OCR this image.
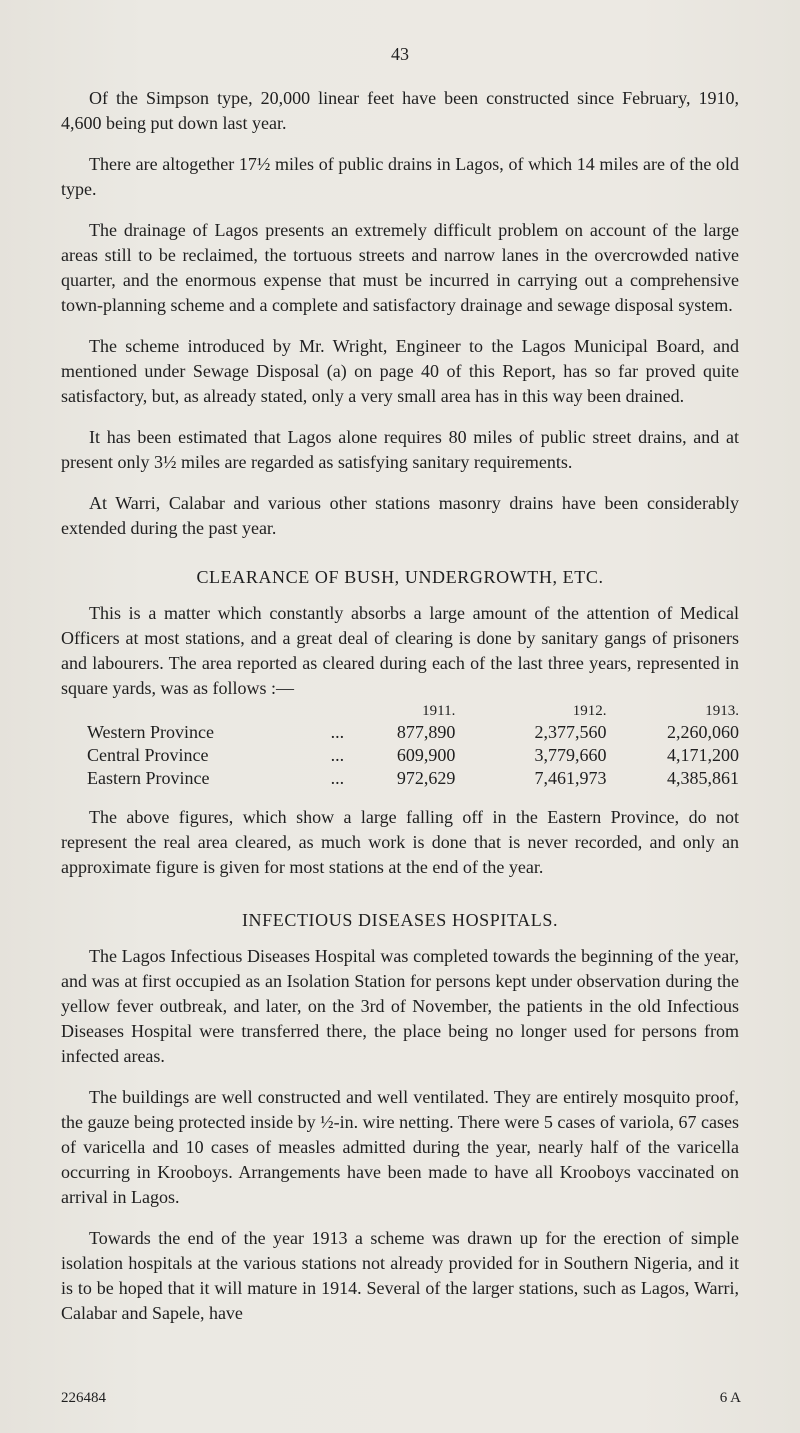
43

Of the Simpson type, 20,000 linear feet have been constructed since February, 1910, 4,600 being put down last year.

There are altogether 17½ miles of public drains in Lagos, of which 14 miles are of the old type.

The drainage of Lagos presents an extremely difficult problem on account of the large areas still to be reclaimed, the tortuous streets and narrow lanes in the overcrowded native quarter, and the enormous expense that must be incurred in carrying out a comprehensive town-planning scheme and a complete and satisfactory drainage and sewage disposal system.

The scheme introduced by Mr. Wright, Engineer to the Lagos Municipal Board, and mentioned under Sewage Disposal (a) on page 40 of this Report, has so far proved quite satisfactory, but, as already stated, only a very small area has in this way been drained.

It has been estimated that Lagos alone requires 80 miles of public street drains, and at present only 3½ miles are regarded as satisfying sanitary requirements.

At Warri, Calabar and various other stations masonry drains have been considerably extended during the past year.

CLEARANCE OF BUSH, UNDERGROWTH, ETC.

This is a matter which constantly absorbs a large amount of the attention of Medical Officers at most stations, and a great deal of clearing is done by sanitary gangs of prisoners and labourers. The area reported as cleared during each of the last three years, represented in square yards, was as follows :—

		1911.	1912.	1913.
Western Province	...	877,890	2,377,560	2,260,060
Central Province	...	609,900	3,779,660	4,171,200
Eastern Province	...	972,629	7,461,973	4,385,861

The above figures, which show a large falling off in the Eastern Province, do not represent the real area cleared, as much work is done that is never recorded, and only an approximate figure is given for most stations at the end of the year.

INFECTIOUS DISEASES HOSPITALS.

The Lagos Infectious Diseases Hospital was completed towards the beginning of the year, and was at first occupied as an Isolation Station for persons kept under observation during the yellow fever outbreak, and later, on the 3rd of November, the patients in the old Infectious Diseases Hospital were transferred there, the place being no longer used for persons from infected areas.

The buildings are well constructed and well ventilated. They are entirely mosquito proof, the gauze being protected inside by ½-in. wire netting. There were 5 cases of variola, 67 cases of varicella and 10 cases of measles admitted during the year, nearly half of the varicella occurring in Krooboys. Arrangements have been made to have all Krooboys vaccinated on arrival in Lagos.

Towards the end of the year 1913 a scheme was drawn up for the erection of simple isolation hospitals at the various stations not already provided for in Southern Nigeria, and it is to be hoped that it will mature in 1914. Several of the larger stations, such as Lagos, Warri, Calabar and Sapele, have

226484	6 A
